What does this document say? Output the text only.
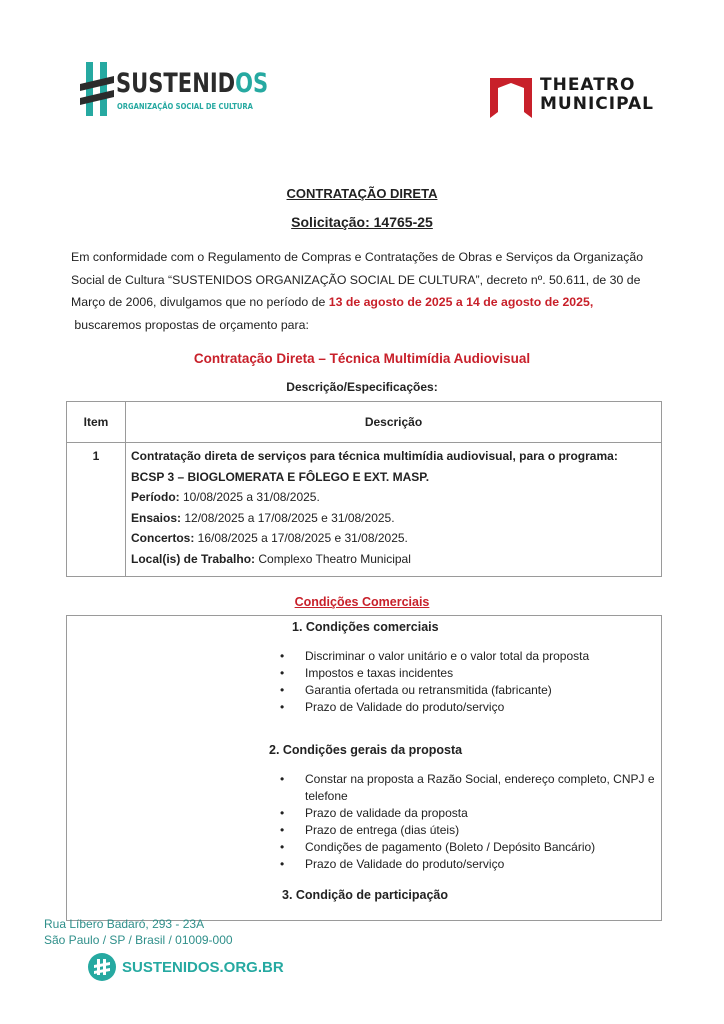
SUSTENIDOS
ORGANIZAÇÃO SOCIAL DE CULTURA
THEATRO
MUNICIPAL
CONTRATAÇÃO DIRETA
Solicitação: 14765-25
Em conformidade com o Regulamento de Compras e Contratações de Obras e Serviços da Organização Social de Cultura “SUSTENIDOS ORGANIZAÇÃO SOCIAL DE CULTURA”, decreto nº. 50.611, de 30 de Março de 2006, divulgamos que no período de 13 de agosto de 2025 a 14 de agosto de 2025,
buscaremos propostas de orçamento para:
Contratação Direta – Técnica Multimídia Audiovisual
Descrição/Especificações:
Item	Descrição
1	Contratação direta de serviços para técnica multimídia audiovisual, para o programa:
BCSP 3 – BIOGLOMERATA E FÔLEGO E EXT. MASP.
Período: 10/08/2025 a 31/08/2025.
Ensaios: 12/08/2025 a 17/08/2025 e 31/08/2025.
Concertos: 16/08/2025 a 17/08/2025 e 31/08/2025.
Local(is) de Trabalho: Complexo Theatro Municipal
Condições Comerciais
1. Condições comerciais
• Discriminar o valor unitário e o valor total da proposta
• Impostos e taxas incidentes
• Garantia ofertada ou retransmitida (fabricante)
• Prazo de Validade do produto/serviço
2. Condições gerais da proposta
• Constar na proposta a Razão Social, endereço completo, CNPJ e telefone
• Prazo de validade da proposta
• Prazo de entrega (dias úteis)
• Condições de pagamento (Boleto / Depósito Bancário)
• Prazo de Validade do produto/serviço
3. Condição de participação
Rua Líbero Badaró, 293 - 23A
São Paulo / SP / Brasil / 01009-000
SUSTENIDOS.ORG.BR
